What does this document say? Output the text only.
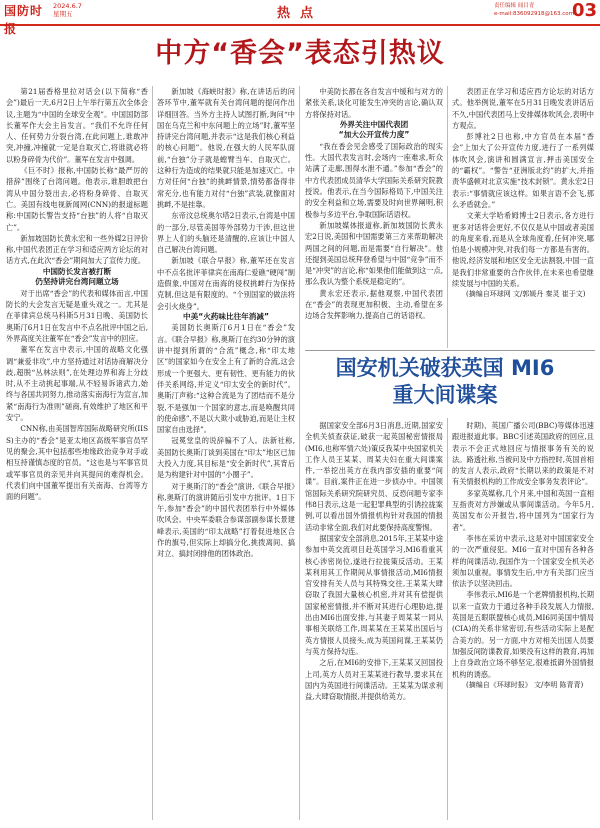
国防时报
2024.6.7
星期五	热点	责任编辑 闻目青
e-mail:836092918@163.com
03
中方“香会”表态引热议

第21届香格里拉对话会(以下简称“香会”)最后一天,6月2日上午举行第五次全体会议,主题为“中国的全球安全观”。中国国防部长董军作大会主旨发言。“我们不允许任何人、任何势力分裂台湾,在此问题上,谁敢冲突,冲撞,冲撞就一定是自取灭亡,将谁就必将以粉身碎骨为代价”。董军在发言中强调。

《巨不时》报称,中国防长称“最严厉的措辞”围绕了台湾问题。他表示,谁胆敢把台湾从中国分裂出去,必将粉身碎骨、自取灭亡。美国有线电视新闻网(CNN)的报道标题称:中国防长警告支持“台独”的人将“自取灭亡”。

新加坡国防长黄永宏和一些外媒2日评价称,中国代表团正在学习和适应两方论坛的对话方式,在此次“香会”期间加大了宣传力度。

中国防长发言被打断
仍坚持讲完台湾问题立场

对于出席“香会”的代表和媒体而言,中国防长的大会发言无疑是重头戏之一。尤其是在菲律宾总统马科斯5月31日晚、美国防长奥斯汀6月1日在发言中不点名批评中国之后,外界高度关注董军在“香会”发言中的回应。

董军在发言中表示,中国的战略文化强调“兼爱非攻”,中方坚持通过对话协商解决分歧,超脱“丛林法则”,在处理边界和海上分歧时,从不主动挑起事端,从不轻易诉诸武力,始终与各国共同努力,推动落实南海行为宣言,加紧“南海行为准则”磋商,有效维护了地区和平安宁。

CNN称,由美国智库国际战略研究所(IISS)主办的“香会”是亚太地区高级军事官员罕见的聚会,其中包括那些地缘政治竞争对手或相互持谨慎态度的官员。“这也是与军事官员或军事官员的亲见并向其提问的难得机会。代表们向中国董军提出有关南海、台湾等方面的问题”。

新加坡《海峡时报》称,在讲话后的问答环节中,董军就有关台湾问题的提问作出详细回答。当外方主持人试图打断,询问“中国在乌克兰和中东问题上的立场”时,董军坚持讲完台湾问题,并表示“这是我们核心利益的核心问题”。他说,在强大的人民军队面前,“台独”分子就是螳臂当车、自取灭亡。这种行为造成的结果就只能是加速灭亡。中方对任何“台独”的挑衅情景,情势都备得非常充分,也有能力对付“台独”武装,就像面对挑衅,不是挂靠。

东帝汶总统奥尔塔2日表示,台湾是中国的一部分,尽管美国等外部势力干涉,但这世界上人们的头脑还是清醒的,应该让中国人自己解决台湾问题。

新加坡《联合早报》称,董军还在发言中不点名批评菲律宾在南海仁爱礁“硬闯”制造假象,中国对在南海的侵权挑衅行为保持克制,但这是有限度的。“个别国家的做法将会引火烧身”。

中美“火药味比往年消减”

美国防长奥斯汀6月1日在“香会”发言。《联合早报》称,奥斯汀在约30分钟的演讲中提到所谓的“合流”概念,称“印太地区”的国家如今在安全上有了新的合流,这会形成一个更强大、更有韧性、更有能力的伙伴关系网络,并定义“印太安全的新时代”。奥斯汀声称:“这种合流是为了团结而不是分裂,不是强加一个国家的意志,而是唤醒共同的使命感”,不是以大欺小或胁迫,而是让主权国家自由选择”。

冠冕堂皇的说辞骗不了人。法新社称,美国防长奥斯汀谈到美国在“印太”地区已加大投入力度,其目标是“安全新时代”,其背后是为构建针对中国的“小圈子”。

对于奥斯汀的“香会”演讲,《联合早报》称,奥斯汀的演讲随后引发中方批评。1日下午,参加“香会”的中国代表团举行中外媒体吹风会。中央军委联合参谋部副参谋长景建峰表示,美国的“印太战略”打着促进地区合作的旗号,但实际上却搞分化,挑拨离间、搞对立、搞封闭排他的团体政治。

中美防长都在各自发言中缓和与对方的紧张关系,谈化可能发生冲突的言论,确认双方将保持对话。

外界关注中国代表团
“加大公开宣传力度”

“我在香会见会感受了国际政治的现实性。大国代表发言时,会场内一座难求,听众站满了走廊,围得水泄不通。”参加“香会”的中方代表团成员清华大学国际关系研究院教授说。他表示,在当今国际格局下,中国关注的安全利益和立场,需要及时向世界阐明,积极参与多边平台,争取国际话语权。

新加坡媒体报道称,新加坡国防长黄永宏2日说,美国和中国需要第三方来帮助解决两国之间的问题,而是需要“自行解决”。他还提到美国总统拜登希望与中国“竞争”而不是“冲突”的言论,称“如果他们能做到这一点,那么我认为整个系统是稳定的”。

黄永宏还表示,据他观察,中国代表团在“香会”的表现更加积极、主动,希望在多边场合发挥影响力,提高自己的话语权。

表团正在学习和适应西方论坛的对话方式。他举例说,董军在5月31日晚发表讲话后不久,中国代表团马上安排媒体吹风会,表明中方观点。

彭博社2日也称,中方官员在本届“香会”上加大了公开宣传力度,进行了一系列媒体吹风会,演讲和圆满宣言,押击美国安全的“霸权”。“警告“亚洲版北约”的扩大,并指责华盛顿对北京实施“技术封锁”。黄永宏2日表示:“事情就应该这样。如果言语不会飞,那么矛盾就会。”

文莱大学哈希姆博士2日表示,各方进行更多对话将会更好,不仅仅是从中国或者美国的角度来看,而是从全球角度看,任何冲突,哪怕是小规模冲突,对我们每一方都是有害的。他说,经济发展和地区安全无法割裂,中国一直是我们非常重要的合作伙伴,在未来也希望继续发展与中国的关系。

(摘编自环球网 文/郭媛丹 秦灵 崔于文)

国安机关破获英国 MI6
重大间谍案

据国家安全部6月3日消息,近期,国家安全机关侦查获证,破获一起英国秘密情报局(MI6,也称军情六处)策反我某中央国家机关工作人员王某某、周某夫妇在重大间谍案件,一举挖出英方在我内部安插的重要“间谍”。目前,案件正在进一步侦办中。中国领馆国际关系研究院研究员、反恐问题专家李伟8日表示,这是一起犯罪典型的引诱拉拢案例,可以看出国外情报机构针对我国的情报活动非常全面,我们对此要保持高度警惕。

据国家安全部消息,2015年,王某某中途参加中英交流项目赴英国学习,MI6看重其核心涉密岗位,遂进行拉拢策反活动。王某某利用其工作期间从事情报活动,MI6情报官安排有关人员与其特殊交往,王某某大肆窃取了我国大量核心机密,并对其有偿提供国家秘密情报,并不断对其进行心理胁迫,提出由MI6出面安排,与其妻子周某某一同从事相关联络工作,周某某在王某某出国后与英方情报人员接头,成为英国间谍,王某某仍与英方保持勾连。

之后,在MI6的安排下,王某某又回国投上司,英方人员对王某某进行教导,要求其在国内为英国进行间谍活动。王某某为谋求利益,大肆窃取情报,并提供给英方。

时期)、英国广播公司(BBC)等媒体迅速跟进报道此事。BBC引述英国政府的回应,且表示不会正式地回应与情报事务有关的说法。路透社称,当被问及中方指控时,英国首相的发言人表示,政府“长期以来的政策是不对有关情报机构的工作成安全事务发表评论”。

多家英媒称,几个月来,中国和英国一直相互指责对方涉嫌或从事间谍活动。今年5月,英国发布公开报告,将中国列为“国家行为者”。

李伟在采访中表示,这是对中国国家安全的一次严重侵犯。MI6一直对中国有各种各样的间谍活动,我国作为一个国家安全机关必须加以重视。事情发生后,中方有关部门应当依法予以坚决回击。

李伟表示,MI6是一个老牌情报机构,长期以来一直致力于通过各种手段发展人力情报,英国是五眼联盟核心成员,MI6同美国中情局(CIA)的关系非常密切,有些活动实际上是配合美方的。另一方面,中方对相关出国人员要加强反间防谍教育,如果没有这样的教育,再加上自身政治立场不够坚定,很难抵御外国情报机构的诱惑。

(摘编自《环球时报》 文/李明 陈青青)
